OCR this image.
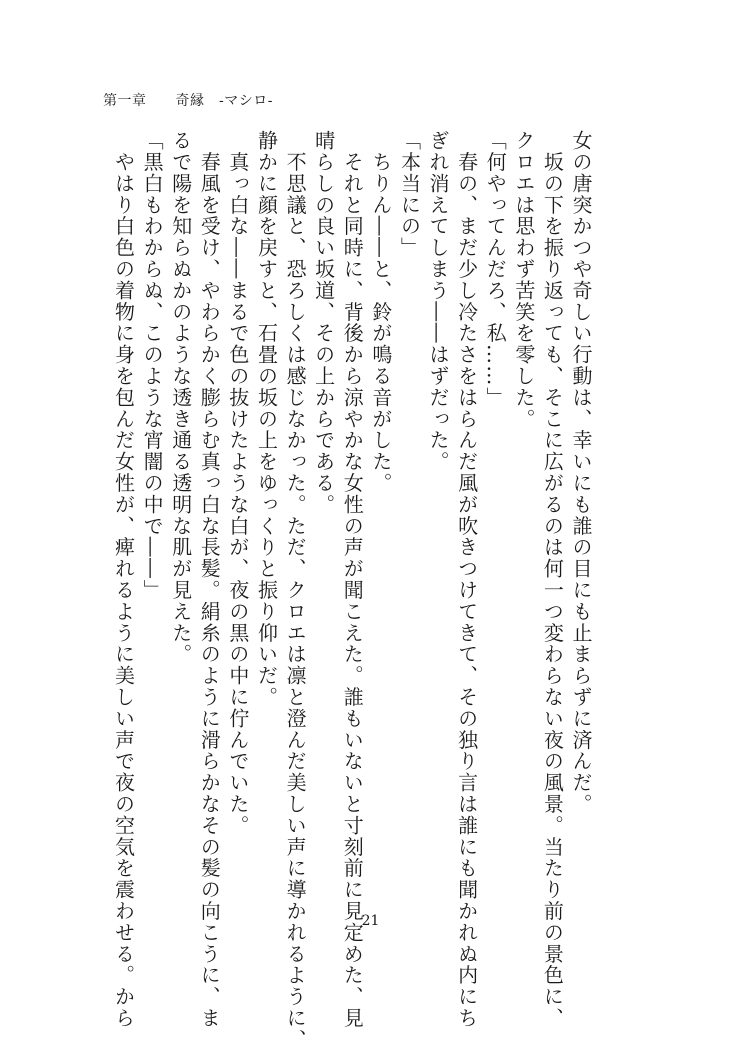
第一章　　奇縁　-マシロ-
女の唐突かつや奇しい行動は、幸いにも誰の目にも止まらずに済んだ。
　坂の下を振り返っても、そこに広がるのは何一つ変わらない夜の風景。当たり前の景色に、
クロエは思わず苦笑を零した。
「何やってんだろ、私……」
　春の、まだ少し冷たさをはらんだ風が吹きつけてきて、その独り言は誰にも聞かれぬ内にち
ぎれ消えてしまう――はずだった。
「本当にの」
　ちりん――と、鈴が鳴る音がした。
　それと同時に、背後から涼やかな女性の声が聞こえた。誰もいないと寸刻前に見定めた、見
晴らしの良い坂道、その上からである。
　不思議と、恐ろしくは感じなかった。ただ、クロエは凛と澄んだ美しい声に導かれるように、
静かに顔を戻すと、石畳の坂の上をゆっくりと振り仰いだ。
　真っ白な――まるで色の抜けたような白が、夜の黒の中に佇んでいた。
　春風を受け、やわらかく膨らむ真っ白な長髪。絹糸のように滑らかなその髪の向こうに、ま
るで陽を知らぬかのような透き通る透明な肌が見えた。
「黒白もわからぬ、このような宵闇の中で――」
　やはり白色の着物に身を包んだ女性が、痺れるように美しい声で夜の空気を震わせる。から	21
